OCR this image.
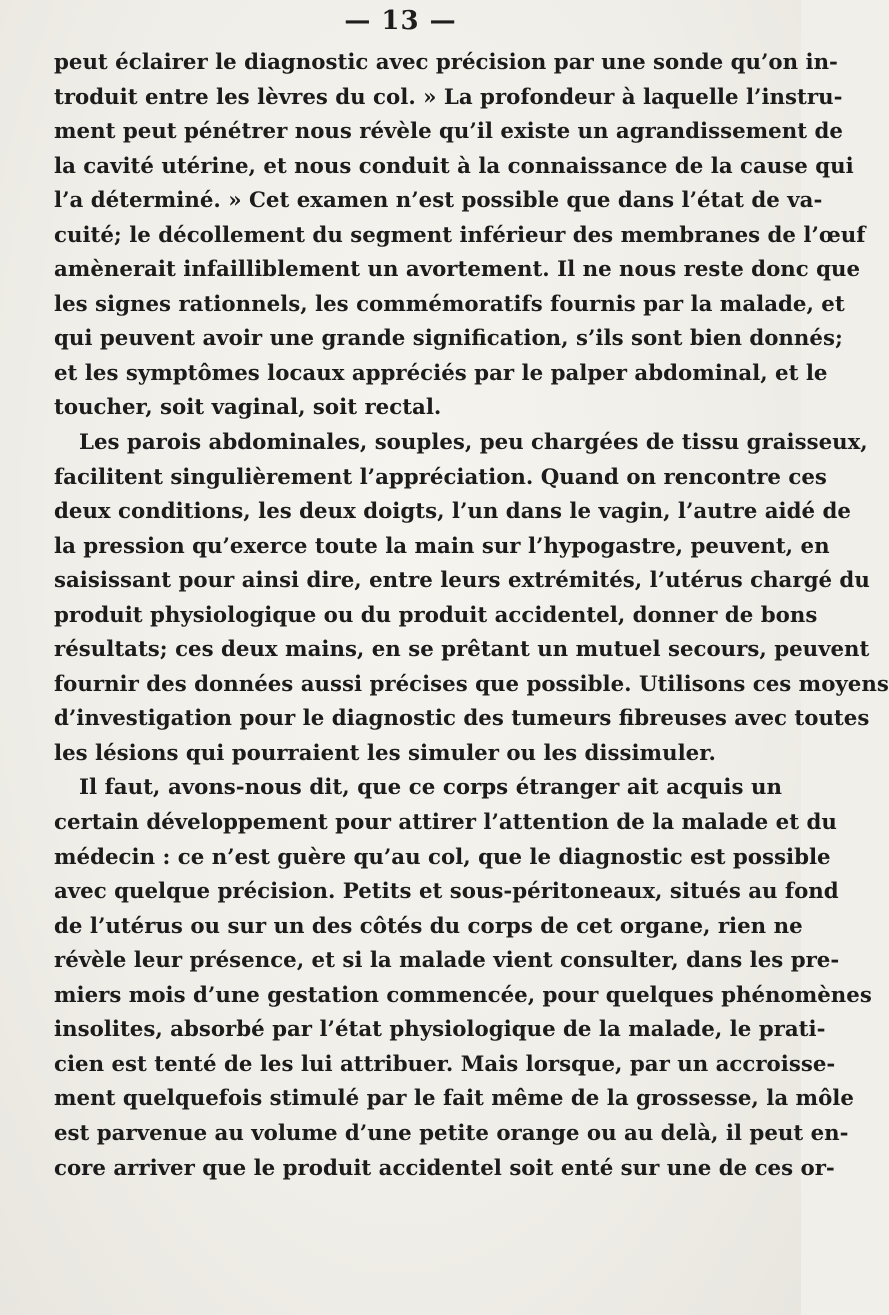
— 13 —
peut éclairer le diagnostic avec précision par une sonde qu’on in-
troduit entre les lèvres du col. » La profondeur à laquelle l’instru-
ment peut pénétrer nous révèle qu’il existe un agrandissement de
la cavité utérine, et nous conduit à la connaissance de la cause qui
l’a déterminé. » Cet examen n’est possible que dans l’état de va-
cuité; le décollement du segment inférieur des membranes de l’œuf
amènerait infailliblement un avortement. Il ne nous reste donc que
les signes rationnels, les commémoratifs fournis par la malade, et
qui peuvent avoir une grande signification, s’ils sont bien donnés;
et les symptômes locaux appréciés par le palper abdominal, et le
toucher, soit vaginal, soit rectal.
Les parois abdominales, souples, peu chargées de tissu graisseux,
facilitent singulièrement l’appréciation. Quand on rencontre ces
deux conditions, les deux doigts, l’un dans le vagin, l’autre aidé de
la pression qu’exerce toute la main sur l’hypogastre, peuvent, en
saisissant pour ainsi dire, entre leurs extrémités, l’utérus chargé du
produit physiologique ou du produit accidentel, donner de bons
résultats; ces deux mains, en se prêtant un mutuel secours, peuvent
fournir des données aussi précises que possible. Utilisons ces moyens
d’investigation pour le diagnostic des tumeurs fibreuses avec toutes
les lésions qui pourraient les simuler ou les dissimuler.
Il faut, avons-nous dit, que ce corps étranger ait acquis un
certain développement pour attirer l’attention de la malade et du
médecin : ce n’est guère qu’au col, que le diagnostic est possible
avec quelque précision. Petits et sous-péritoneaux, situés au fond
de l’utérus ou sur un des côtés du corps de cet organe, rien ne
révèle leur présence, et si la malade vient consulter, dans les pre-
miers mois d’une gestation commencée, pour quelques phénomènes
insolites, absorbé par l’état physiologique de la malade, le prati-
cien est tenté de les lui attribuer. Mais lorsque, par un accroisse-
ment quelquefois stimulé par le fait même de la grossesse, la môle
est parvenue au volume d’une petite orange ou au delà, il peut en-
core arriver que le produit accidentel soit enté sur une de ces or-
